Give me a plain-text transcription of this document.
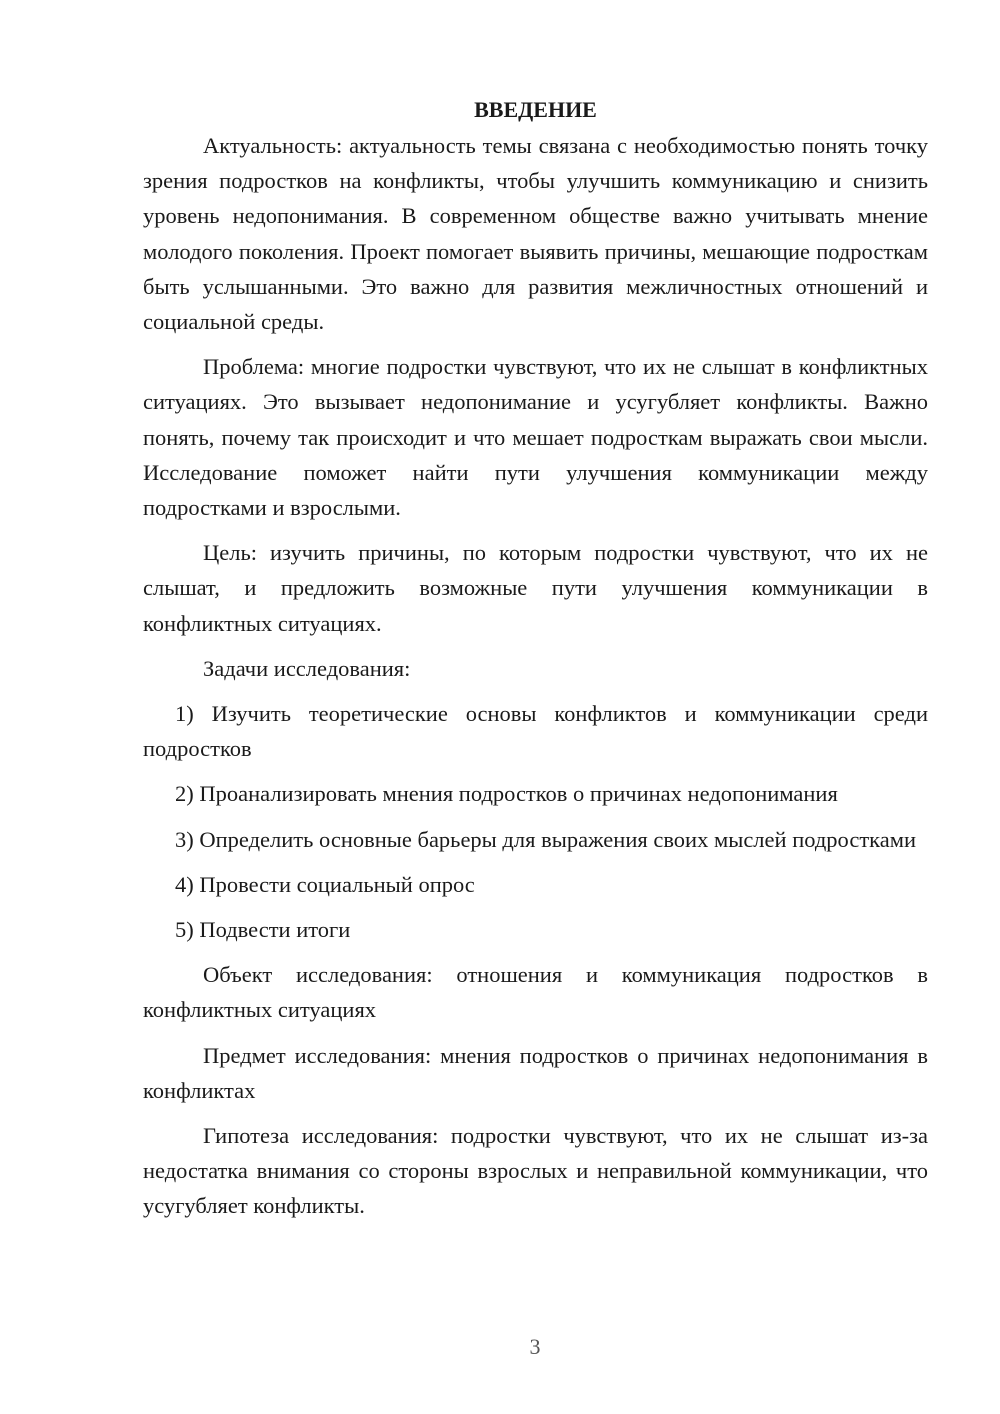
ВВЕДЕНИЕ

Актуальность: актуальность темы связана с необходимостью понять точку зрения подростков на конфликты, чтобы улучшить коммуникацию и снизить уровень недопонимания. В современном обществе важно учитывать мнение молодого поколения. Проект помогает выявить причины, мешающие подросткам быть услышанными. Это важно для развития межличностных отношений и социальной среды.

Проблема: многие подростки чувствуют, что их не слышат в конфликтных ситуациях. Это вызывает недопонимание и усугубляет конфликты. Важно понять, почему так происходит и что мешает подросткам выражать свои мысли. Исследование поможет найти пути улучшения коммуникации между подростками и взрослыми.

Цель: изучить причины, по которым подростки чувствуют, что их не слышат, и предложить возможные пути улучшения коммуникации в конфликтных ситуациях.

Задачи исследования:

1) Изучить теоретические основы конфликтов и коммуникации среди подростков

2) Проанализировать мнения подростков о причинах недопонимания

3) Определить основные барьеры для выражения своих мыслей подростками

4) Провести социальный опрос

5) Подвести итоги

Объект исследования: отношения и коммуникация подростков в конфликтных ситуациях

Предмет исследования: мнения подростков о причинах недопонимания в конфликтах

Гипотеза исследования: подростки чувствуют, что их не слышат из-за недостатка внимания со стороны взрослых и неправильной коммуникации, что усугубляет конфликты.

3
